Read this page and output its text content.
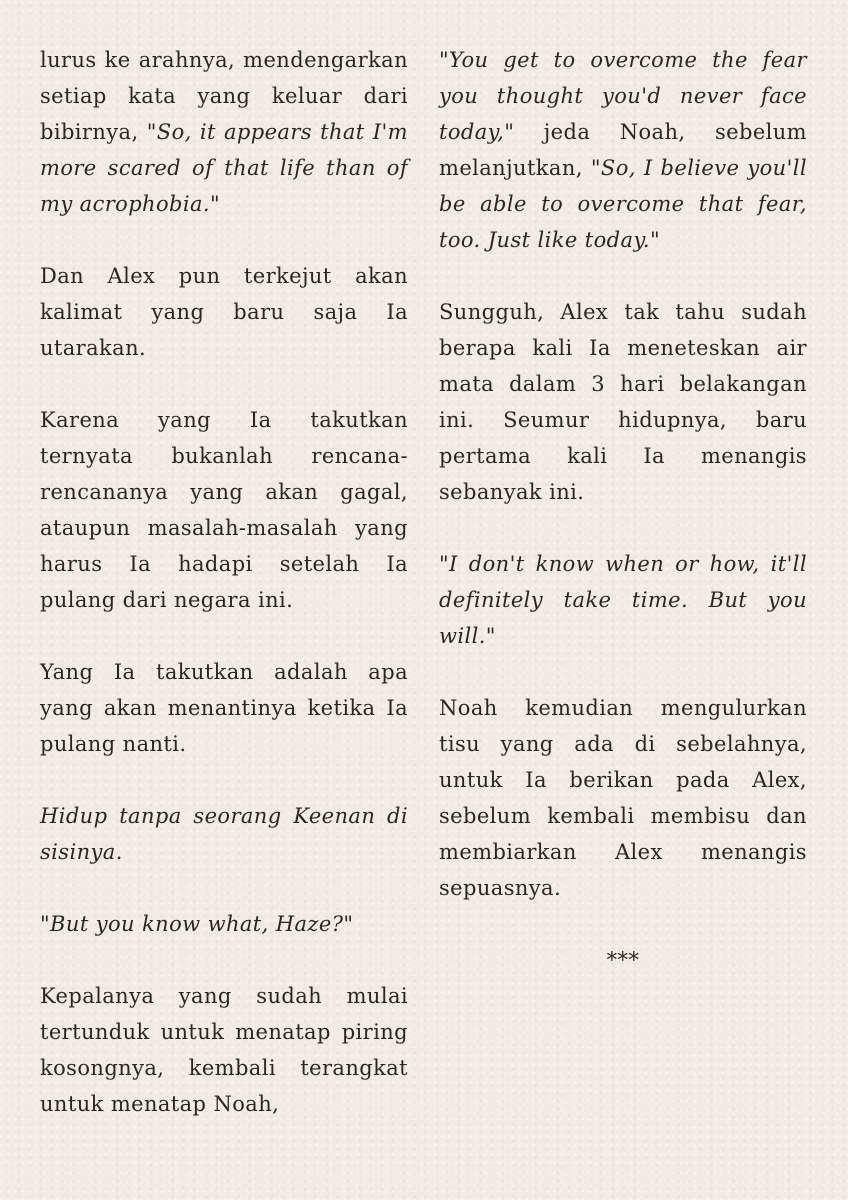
lurus ke arahnya, mendengarkan setiap kata yang keluar dari bibirnya, "So, it appears that I'm more scared of that life than of my acrophobia."

Dan Alex pun terkejut akan kalimat yang baru saja Ia utarakan.

Karena yang Ia takutkan ternyata bukanlah rencana-rencananya yang akan gagal, ataupun masalah-masalah yang harus Ia hadapi setelah Ia pulang dari negara ini.

Yang Ia takutkan adalah apa yang akan menantinya ketika Ia pulang nanti.

Hidup tanpa seorang Keenan di sisinya.

"But you know what, Haze?"

Kepalanya yang sudah mulai tertunduk untuk menatap piring kosongnya, kembali terangkat untuk menatap Noah,

"You get to overcome the fear you thought you'd never face today," jeda Noah, sebelum melanjutkan, "So, I believe you'll be able to overcome that fear, too. Just like today."

Sungguh, Alex tak tahu sudah berapa kali Ia meneteskan air mata dalam 3 hari belakangan ini. Seumur hidupnya, baru pertama kali Ia menangis sebanyak ini.

"I don't know when or how, it'll definitely take time. But you will."

Noah kemudian mengulurkan tisu yang ada di sebelahnya, untuk Ia berikan pada Alex, sebelum kembali membisu dan membiarkan Alex menangis sepuasnya.

***
